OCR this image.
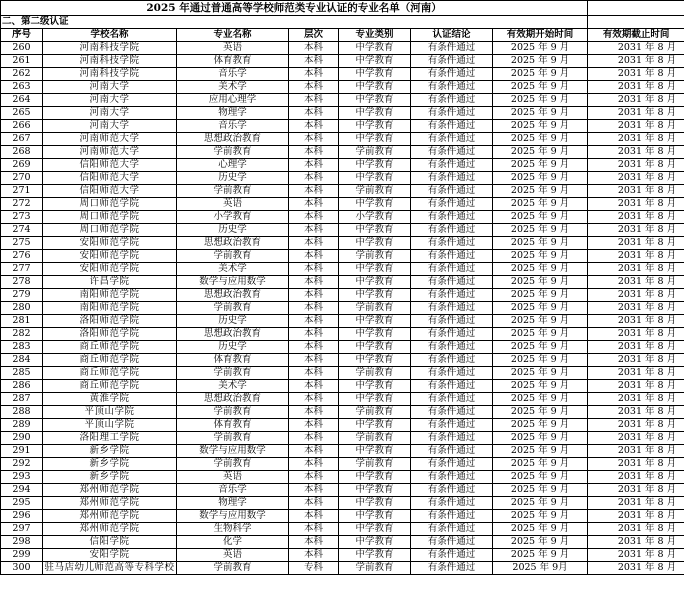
2025 年通过普通高等学校师范类专业认证的专业名单（河南）							
二、第二级认证							
序号	学校名称	专业名称	层次	专业类别	认证结论	有效期开始时间	有效期截止时间
260	河南科技学院	英语	本科	中学教育	有条件通过	2025 年 9 月	2031 年 8 月
261	河南科技学院	体育教育	本科	中学教育	有条件通过	2025 年 9 月	2031 年 8 月
262	河南科技学院	音乐学	本科	中学教育	有条件通过	2025 年 9 月	2031 年 8 月
263	河南大学	美术学	本科	中学教育	有条件通过	2025 年 9 月	2031 年 8 月
264	河南大学	应用心理学	本科	中学教育	有条件通过	2025 年 9 月	2031 年 8 月
265	河南大学	物理学	本科	中学教育	有条件通过	2025 年 9 月	2031 年 8 月
266	河南大学	音乐学	本科	中学教育	有条件通过	2025 年 9 月	2031 年 8 月
267	河南师范大学	思想政治教育	本科	中学教育	有条件通过	2025 年 9 月	2031 年 8 月
268	河南师范大学	学前教育	本科	学前教育	有条件通过	2025 年 9 月	2031 年 8 月
269	信阳师范大学	心理学	本科	中学教育	有条件通过	2025 年 9 月	2031 年 8 月
270	信阳师范大学	历史学	本科	中学教育	有条件通过	2025 年 9 月	2031 年 8 月
271	信阳师范大学	学前教育	本科	学前教育	有条件通过	2025 年 9 月	2031 年 8 月
272	周口师范学院	英语	本科	中学教育	有条件通过	2025 年 9 月	2031 年 8 月
273	周口师范学院	小学教育	本科	小学教育	有条件通过	2025 年 9 月	2031 年 8 月
274	周口师范学院	历史学	本科	中学教育	有条件通过	2025 年 9 月	2031 年 8 月
275	安阳师范学院	思想政治教育	本科	中学教育	有条件通过	2025 年 9 月	2031 年 8 月
276	安阳师范学院	学前教育	本科	学前教育	有条件通过	2025 年 9 月	2031 年 8 月
277	安阳师范学院	美术学	本科	中学教育	有条件通过	2025 年 9 月	2031 年 8 月
278	许昌学院	数学与应用数学	本科	中学教育	有条件通过	2025 年 9 月	2031 年 8 月
279	南阳师范学院	思想政治教育	本科	中学教育	有条件通过	2025 年 9 月	2031 年 8 月
280	南阳师范学院	学前教育	本科	学前教育	有条件通过	2025 年 9 月	2031 年 8 月
281	洛阳师范学院	历史学	本科	中学教育	有条件通过	2025 年 9 月	2031 年 8 月
282	洛阳师范学院	思想政治教育	本科	中学教育	有条件通过	2025 年 9 月	2031 年 8 月
283	商丘师范学院	历史学	本科	中学教育	有条件通过	2025 年 9 月	2031 年 8 月
284	商丘师范学院	体育教育	本科	中学教育	有条件通过	2025 年 9 月	2031 年 8 月
285	商丘师范学院	学前教育	本科	学前教育	有条件通过	2025 年 9 月	2031 年 8 月
286	商丘师范学院	美术学	本科	中学教育	有条件通过	2025 年 9 月	2031 年 8 月
287	黄淮学院	思想政治教育	本科	中学教育	有条件通过	2025 年 9 月	2031 年 8 月
288	平顶山学院	学前教育	本科	学前教育	有条件通过	2025 年 9 月	2031 年 8 月
289	平顶山学院	体育教育	本科	中学教育	有条件通过	2025 年 9 月	2031 年 8 月
290	洛阳理工学院	学前教育	本科	学前教育	有条件通过	2025 年 9 月	2031 年 8 月
291	新乡学院	数学与应用数学	本科	中学教育	有条件通过	2025 年 9 月	2031 年 8 月
292	新乡学院	学前教育	本科	学前教育	有条件通过	2025 年 9 月	2031 年 8 月
293	新乡学院	英语	本科	中学教育	有条件通过	2025 年 9 月	2031 年 8 月
294	郑州师范学院	音乐学	本科	中学教育	有条件通过	2025 年 9 月	2031 年 8 月
295	郑州师范学院	物理学	本科	中学教育	有条件通过	2025 年 9 月	2031 年 8 月
296	郑州师范学院	数学与应用数学	本科	中学教育	有条件通过	2025 年 9 月	2031 年 8 月
297	郑州师范学院	生物科学	本科	中学教育	有条件通过	2025 年 9 月	2031 年 8 月
298	信阳学院	化学	本科	中学教育	有条件通过	2025 年 9 月	2031 年 8 月
299	安阳学院	英语	本科	中学教育	有条件通过	2025 年 9 月	2031 年 8 月
300	驻马店幼儿师范高等专科学校	学前教育	专科	学前教育	有条件通过	2025 年 9月	2031 年 8 月
